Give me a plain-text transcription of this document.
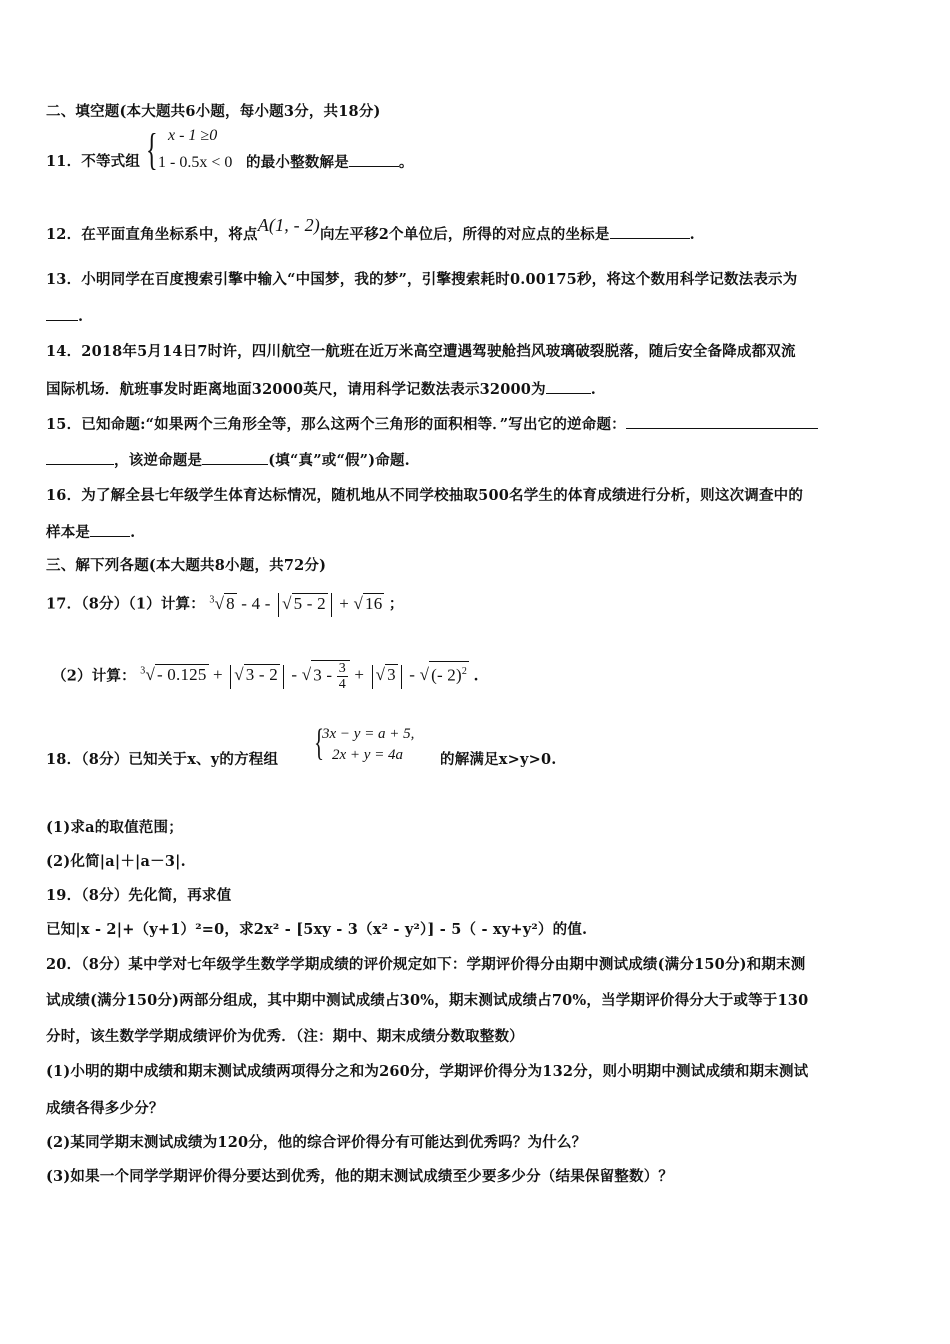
二、填空题(本大题共6小题，每小题3分，共18分)
11．不等式组 { x - 1 ≥0
1 - 0.5x < 0 的最小整数解是	。
12．在平面直角坐标系中，将点A(1, - 2)向左平移2个单位后，所得的对应点的坐标是	.
13．小明同学在百度搜索引擎中输入“中国梦，我的梦”，引擎搜索耗时0.00175秒，将这个数用科学记数法表示为
.
14．2018年5月14日7时许，四川航空一航班在近万米高空遭遇驾驶舱挡风玻璃破裂脱落，随后安全备降成都双流
国际机场．航班事发时距离地面32000英尺，请用科学记数法表示32000为	.
15．已知命题:“如果两个三角形全等，那么这两个三角形的面积相等．”写出它的逆命题：
，该逆命题是	(填“真”或“假”)命题.
16．为了解全县七年级学生体育达标情况，随机地从不同学校抽取500名学生的体育成绩进行分析，则这次调查中的
样本是	.
三、解下列各题(本大题共8小题，共72分)
17．（8分）（1）计算： $^3$√ 8 - 4 - √ 5 - 2 + √ 16 ；
（2）计算： $^3$√ - 0.125 + √ 3 - 2 - √ $3 - \frac{3}{4}$ + √ 3 - √ (- 2)$^2$ .
18．（8分）已知关于x、y的方程组 {
3x − y = a + 5,
2x + y = 4a	的解满足x>y>0.
(1)求a的取值范围；
(2)化简|a|＋|a－3|.
19．（8分）先化简，再求值
已知|x - 2|+（y+1）²=0，求2x² - [5xy - 3（x² - y²）] - 5（ - xy+y²）的值.
20．（8分）某中学对七年级学生数学学期成绩的评价规定如下：学期评价得分由期中测试成绩(满分150分)和期末测
试成绩(满分150分)两部分组成，其中期中测试成绩占30%，期末测试成绩占70%，当学期评价得分大于或等于130
分时，该生数学学期成绩评价为优秀．（注：期中、期末成绩分数取整数）
(1)小明的期中成绩和期末测试成绩两项得分之和为260分，学期评价得分为132分，则小明期中测试成绩和期末测试
成绩各得多少分？
(2)某同学期末测试成绩为120分，他的综合评价得分有可能达到优秀吗？为什么？
(3)如果一个同学学期评价得分要达到优秀，他的期末测试成绩至少要多少分（结果保留整数）？
